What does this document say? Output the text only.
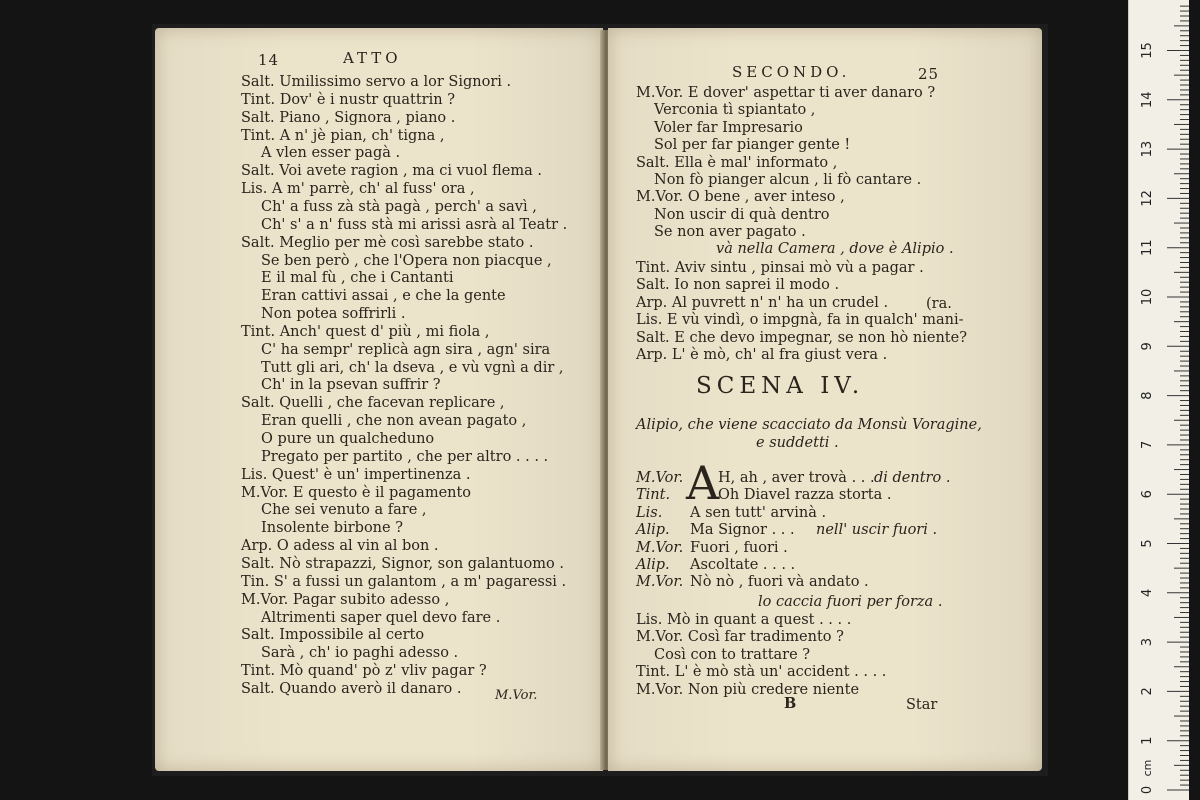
14	ATTO
Salt. Umilissimo servo a lor Signori .
Tint. Dov' è i nustr quattrin ?
Salt. Piano , Signora , piano .
Tint. A n' jè pian, ch' tigna ,
A vlen esser pagà .
Salt. Voi avete ragion , ma ci vuol flema .
Lis. A m' parrè, ch' al fuss' ora ,
Ch' a fuss zà stà pagà , perch' a savì ,
Ch' s' a n' fuss stà mi arissi asrà al Teatr .
Salt. Meglio per mè così sarebbe stato .
Se ben però , che l'Opera non piacque ,
E il mal fù , che i Cantanti
Eran cattivi assai , e che la gente
Non potea soffrirli .
Tint. Anch' quest d' più , mi fiola ,
C' ha sempr' replicà agn sira , agn' sira
Tutt gli ari, ch' la dseva , e vù vgnì a dir ,
Ch' in la psevan suffrir ?
Salt. Quelli , che facevan replicare ,
Eran quelli , che non avean pagato ,
O pure un qualcheduno
Pregato per partito , che per altro . . . .
Lis. Quest' è un' impertinenza .
M.Vor. E questo è il pagamento
Che sei venuto a fare ,
Insolente birbone ?
Arp. O adess al vin al bon .
Salt. Nò strapazzi, Signor, son galantuomo .
Tin. S' a fussi un galantom , a m' pagaressi .
M.Vor. Pagar subito adesso ,
Altrimenti saper quel devo fare .
Salt. Impossibile al certo
Sarà , ch' io paghi adesso .
Tint. Mò quand' pò z' vliv pagar ?
Salt. Quando averò il danaro .	M.Vor.
SECONDO.	25
M.Vor. E dover' aspettar ti aver danaro ?
Verconia tì spiantato ,
Voler far Impresario
Sol per far pianger gente !
Salt. Ella è mal' informato ,
Non fò pianger alcun , li fò cantare .
M.Vor. O bene , aver inteso ,
Non uscir di quà dentro
Se non aver pagato .
và nella Camera , dove è Alipio .
Tint. Aviv sintu , pinsai mò vù a pagar .
Salt. Io non saprei il modo .
Arp. Al puvrett n' n' ha un crudel .
Lis. E vù vindì, o impgnà, fa in qualch' mani-
Salt. E che devo impegnar, se non hò niente?
Arp. L' è mò, ch' al fra giust vera .
(ra.
SCENA IV.
Alipio, che viene scacciato da Monsù Voragine,
e suddetti .
A
M.Vor. H, ah , aver trovà . . . di dentro .
Tint.	Oh Diavel razza storta .
Lis. A sen tutt' arvinà .
Alip. Ma Signor . . . nell' uscir fuori .
M.Vor. Fuori , fuori .
Alip. Ascoltate . . . .
M.Vor. Nò nò , fuori và andato .
lo caccia fuori per forza .
Lis. Mò in quant a quest . . . .
M.Vor. Così far tradimento ?
Così con to trattare ?
Tint. L' è mò stà un' accident . . . .
M.Vor. Non più credere niente
B	Star
0
1
2
3
4
5
6
7
8
9
10
11
12
13
14
15
cm
